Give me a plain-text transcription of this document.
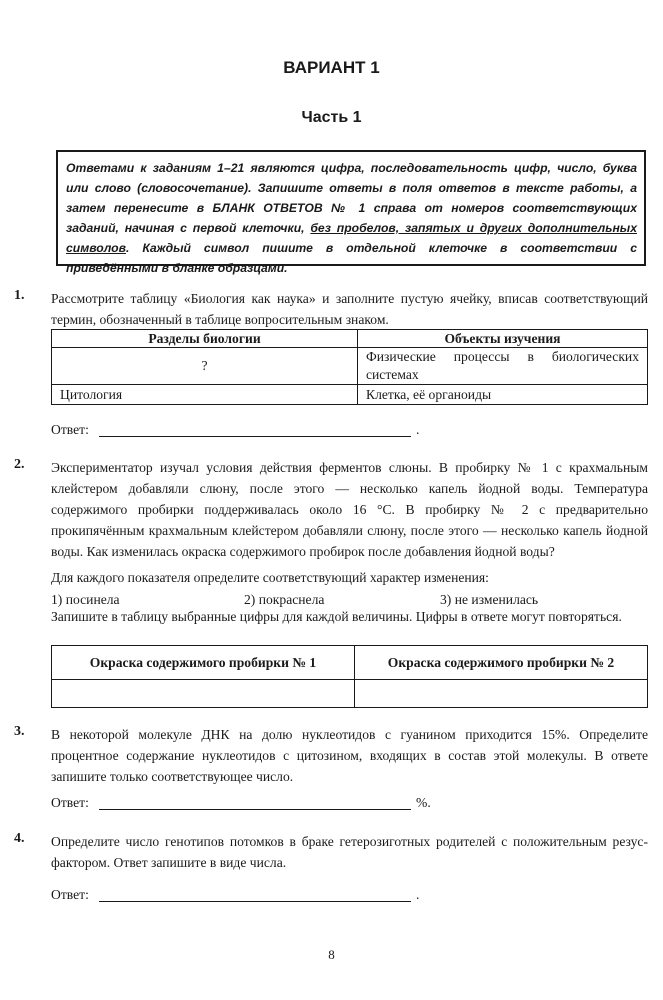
ВАРИАНТ 1
Часть 1
Ответами к заданиям 1–21 являются цифра, последовательность цифр, число, буква или слово (словосочетание). Запишите ответы в поля ответов в тексте работы, а затем перенесите в БЛАНК ОТВЕТОВ № 1 справа от номеров соответствующих заданий, начиная с первой клеточки, без пробелов, запятых и других дополнительных символов. Каждый символ пишите в отдельной клеточке в соответствии с приведёнными в бланке образцами.
1. Рассмотрите таблицу «Биология как наука» и заполните пустую ячейку, вписав соответствующий термин, обозначенный в таблице вопросительным знаком.
Разделы биологии	Объекты изучения
?	Физические процессы в биологических системах
Цитология	Клетка, её органоиды
Ответ:	.
2. Экспериментатор изучал условия действия ферментов слюны. В пробирку № 1 с крахмальным клейстером добавляли слюну, после этого — несколько капель йодной воды. Температура содержимого пробирки поддерживалась около 16 °С. В пробирку № 2 с предварительно прокипячённым крахмальным клейстером добавляли слюну, после этого — несколько капель йодной воды. Как изменилась окраска содержимого пробирок после добавления йодной воды?
Для каждого показателя определите соответствующий характер изменения:
1) посинела	2) покраснела	3) не изменилась
Запишите в таблицу выбранные цифры для каждой величины. Цифры в ответе могут повторяться.
Окраска содержимого пробирки № 1	Окраска содержимого пробирки № 2

3. В некоторой молекуле ДНК на долю нуклеотидов с гуанином приходится 15%. Определите процентное содержание нуклеотидов с цитозином, входящих в состав этой молекулы. В ответе запишите только соответствующее число.
Ответ:	%.
4. Определите число генотипов потомков в браке гетерозиготных родителей с положительным резус-фактором. Ответ запишите в виде числа.
Ответ:	.
8
